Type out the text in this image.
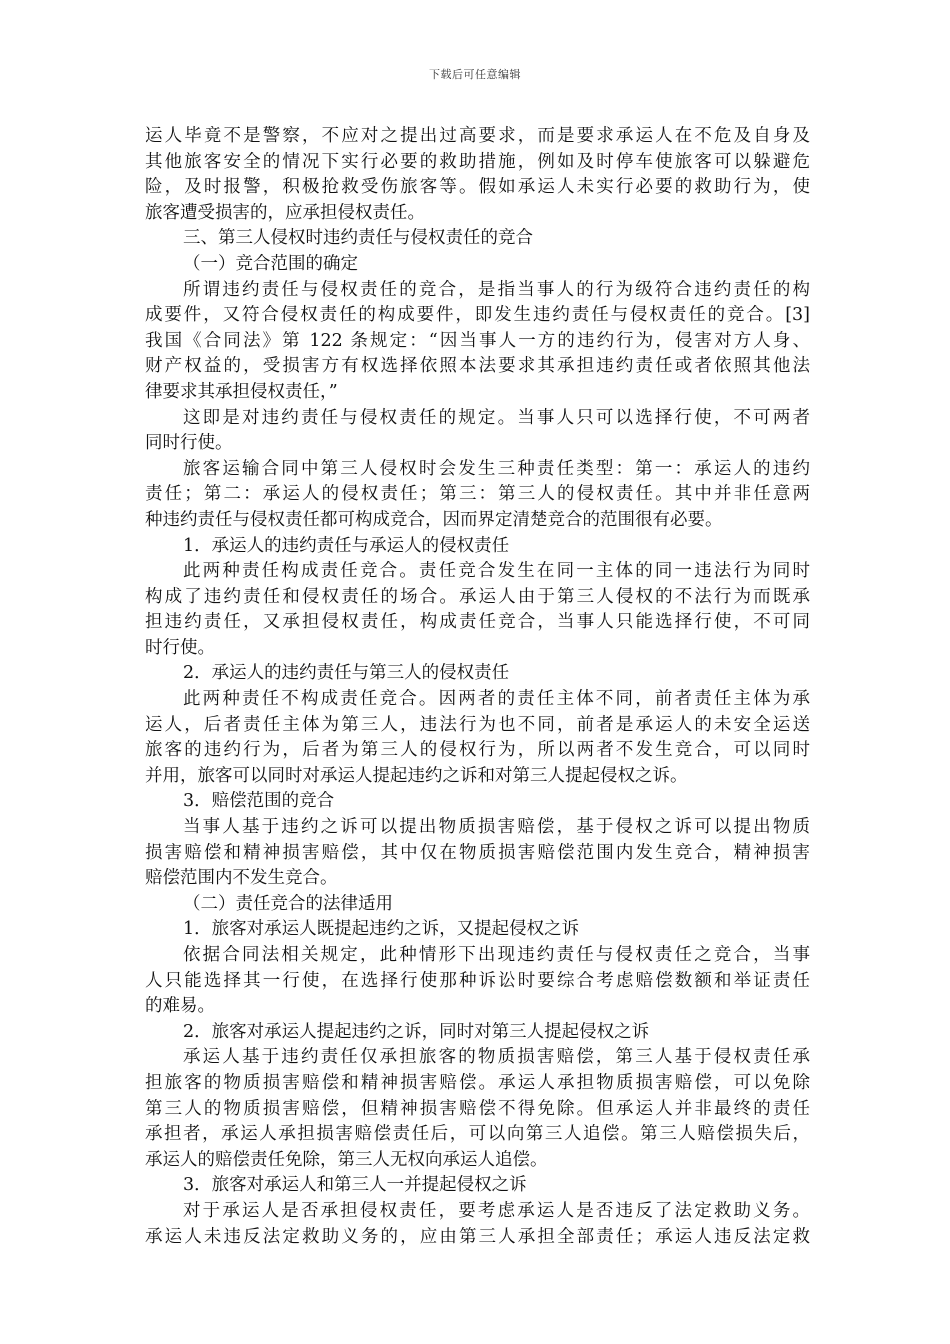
下载后可任意编辑
运人毕竟不是警察，不应对之提出过高要求，而是要求承运人在不危及自身及
其他旅客安全的情况下实行必要的救助措施，例如及时停车使旅客可以躲避危
险，及时报警，积极抢救受伤旅客等。假如承运人未实行必要的救助行为，使
旅客遭受损害的，应承担侵权责任。
三、第三人侵权时违约责任与侵权责任的竞合
（一）竞合范围的确定
所谓违约责任与侵权责任的竞合，是指当事人的行为级符合违约责任的构
成要件，又符合侵权责任的构成要件，即发生违约责任与侵权责任的竞合。[3]
我国《合同法》第 122 条规定：“因当事人一方的违约行为，侵害对方人身、
财产权益的，受损害方有权选择依照本法要求其承担违约责任或者依照其他法
律要求其承担侵权责任，”
这即是对违约责任与侵权责任的规定。当事人只可以选择行使，不可两者
同时行使。
旅客运输合同中第三人侵权时会发生三种责任类型：第一：承运人的违约
责任；第二：承运人的侵权责任；第三：第三人的侵权责任。其中并非任意两
种违约责任与侵权责任都可构成竞合，因而界定清楚竞合的范围很有必要。
1．承运人的违约责任与承运人的侵权责任
此两种责任构成责任竞合。责任竞合发生在同一主体的同一违法行为同时
构成了违约责任和侵权责任的场合。承运人由于第三人侵权的不法行为而既承
担违约责任，又承担侵权责任，构成责任竞合，当事人只能选择行使，不可同
时行使。
2．承运人的违约责任与第三人的侵权责任
此两种责任不构成责任竞合。因两者的责任主体不同，前者责任主体为承
运人，后者责任主体为第三人，违法行为也不同，前者是承运人的未安全运送
旅客的违约行为，后者为第三人的侵权行为，所以两者不发生竞合，可以同时
并用，旅客可以同时对承运人提起违约之诉和对第三人提起侵权之诉。
3．赔偿范围的竞合
当事人基于违约之诉可以提出物质损害赔偿，基于侵权之诉可以提出物质
损害赔偿和精神损害赔偿，其中仅在物质损害赔偿范围内发生竞合，精神损害
赔偿范围内不发生竞合。
（二）责任竞合的法律适用
1．旅客对承运人既提起违约之诉，又提起侵权之诉
依据合同法相关规定，此种情形下出现违约责任与侵权责任之竞合，当事
人只能选择其一行使，在选择行使那种诉讼时要综合考虑赔偿数额和举证责任
的难易。
2．旅客对承运人提起违约之诉，同时对第三人提起侵权之诉
承运人基于违约责任仅承担旅客的物质损害赔偿，第三人基于侵权责任承
担旅客的物质损害赔偿和精神损害赔偿。承运人承担物质损害赔偿，可以免除
第三人的物质损害赔偿，但精神损害赔偿不得免除。但承运人并非最终的责任
承担者，承运人承担损害赔偿责任后，可以向第三人追偿。第三人赔偿损失后，
承运人的赔偿责任免除，第三人无权向承运人追偿。
3．旅客对承运人和第三人一并提起侵权之诉
对于承运人是否承担侵权责任，要考虑承运人是否违反了法定救助义务。
承运人未违反法定救助义务的，应由第三人承担全部责任；承运人违反法定救
